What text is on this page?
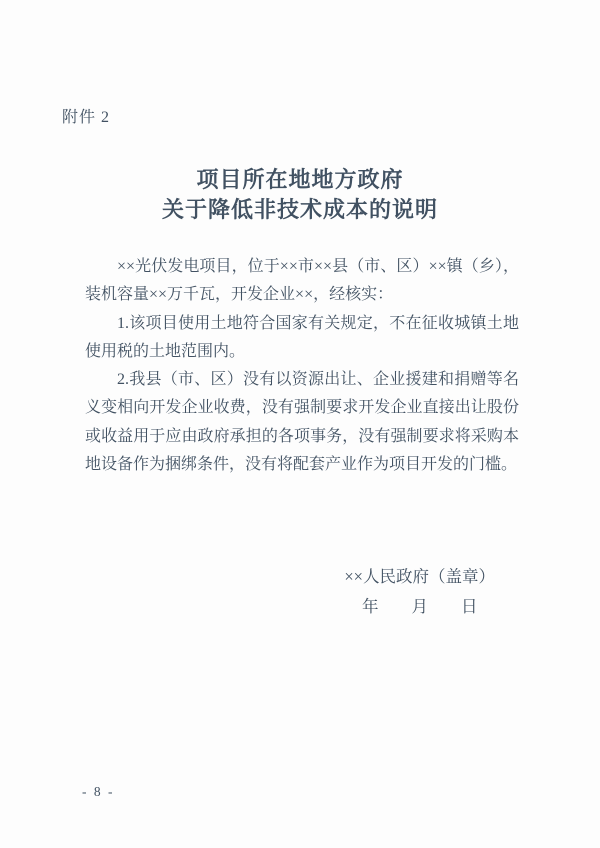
附件 2
项目所在地地方政府
关于降低非技术成本的说明

××光伏发电项目，位于××市××县（市、区）××镇（乡），装机容量××万千瓦，开发企业××，经核实：

1.该项目使用土地符合国家有关规定，不在征收城镇土地使用税的土地范围内。

2.我县（市、区）没有以资源出让、企业援建和捐赠等名义变相向开发企业收费，没有强制要求开发企业直接出让股份或收益用于应由政府承担的各项事务，没有强制要求将采购本地设备作为捆绑条件，没有将配套产业作为项目开发的门槛。

××人民政府（盖章）
年　　月　　日
- 8 -
